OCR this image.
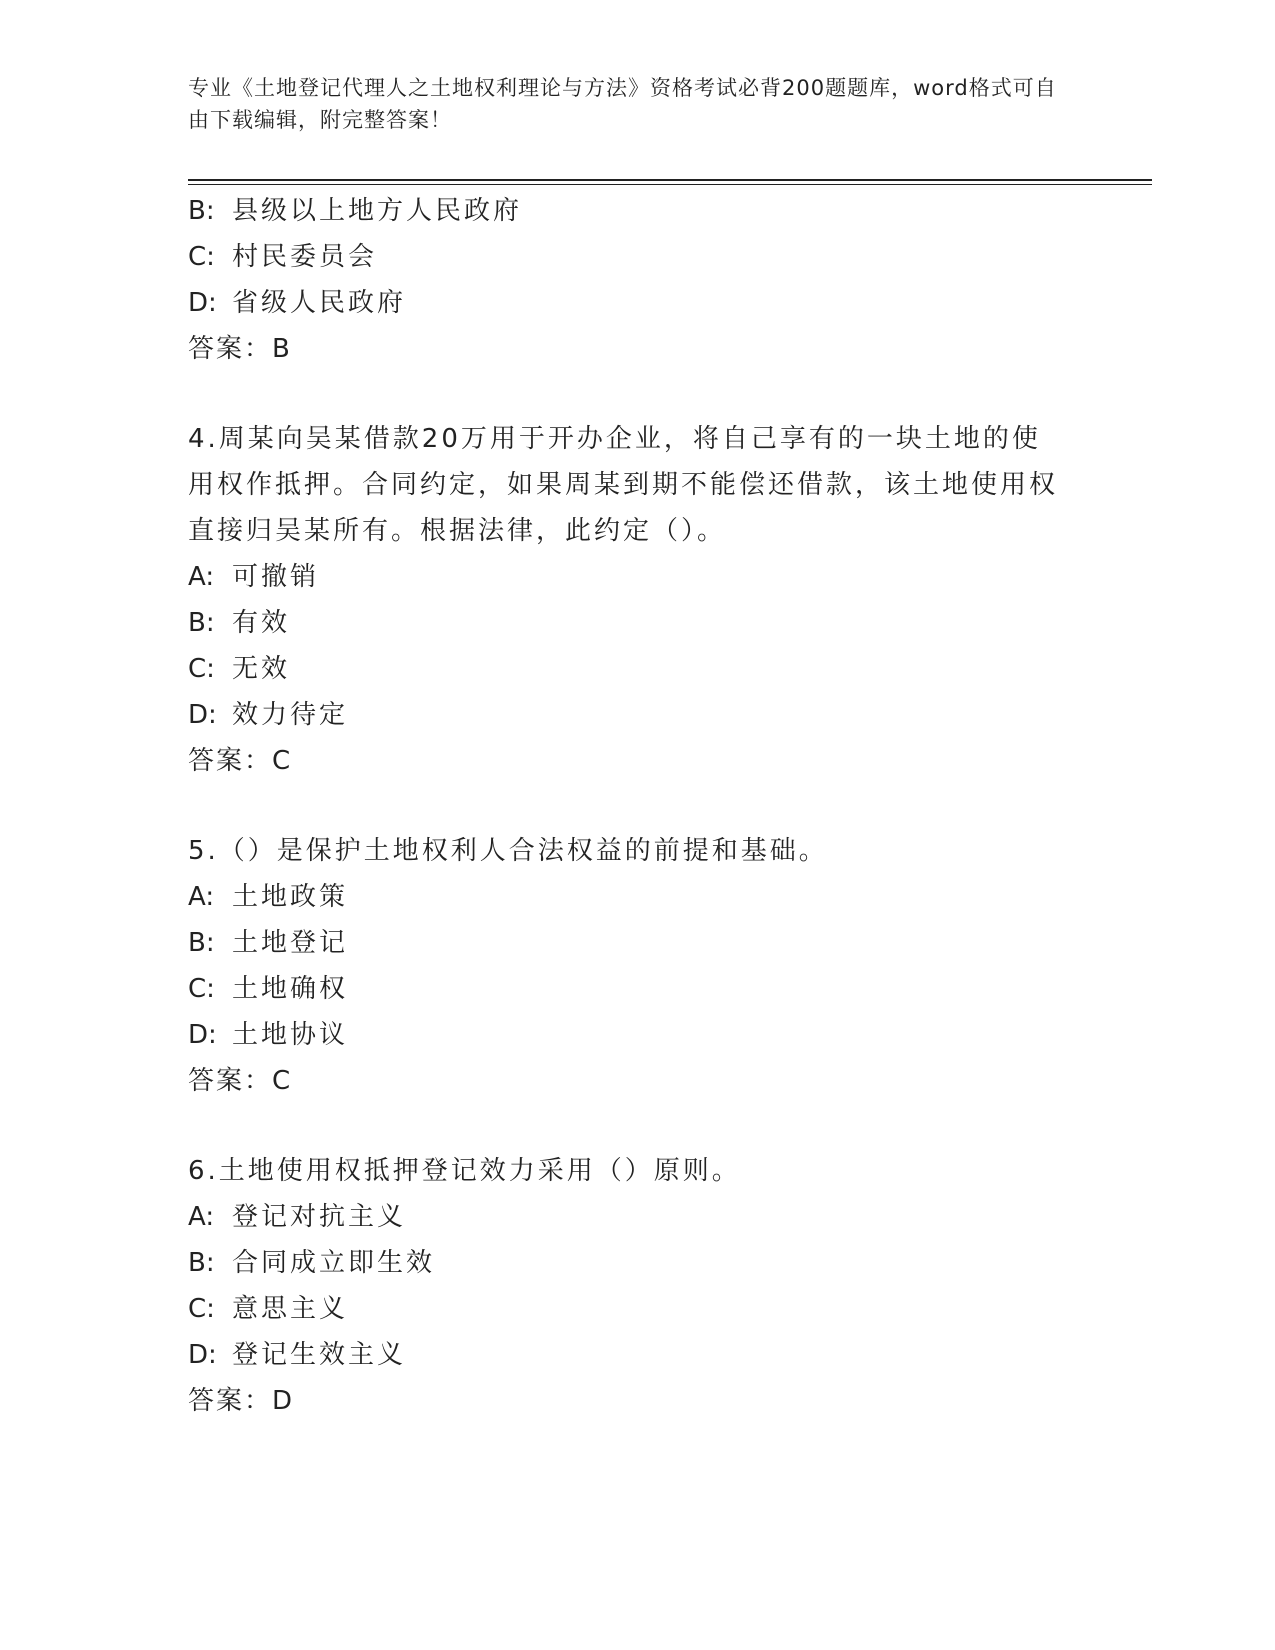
专业《土地登记代理人之土地权利理论与方法》资格考试必背200题题库，word格式可自由下载编辑，附完整答案！
B: 县级以上地方人民政府
C: 村民委员会
D: 省级人民政府
答案：B
4.周某向吴某借款20万用于开办企业，将自己享有的一块土地的使用权作抵押。合同约定，如果周某到期不能偿还借款，该土地使用权直接归吴某所有。根据法律，此约定（）。
A: 可撤销
B: 有效
C: 无效
D: 效力待定
答案：C
5.（）是保护土地权利人合法权益的前提和基础。
A: 土地政策
B: 土地登记
C: 土地确权
D: 土地协议
答案：C
6.土地使用权抵押登记效力采用（）原则。
A: 登记对抗主义
B: 合同成立即生效
C: 意思主义
D: 登记生效主义
答案：D
